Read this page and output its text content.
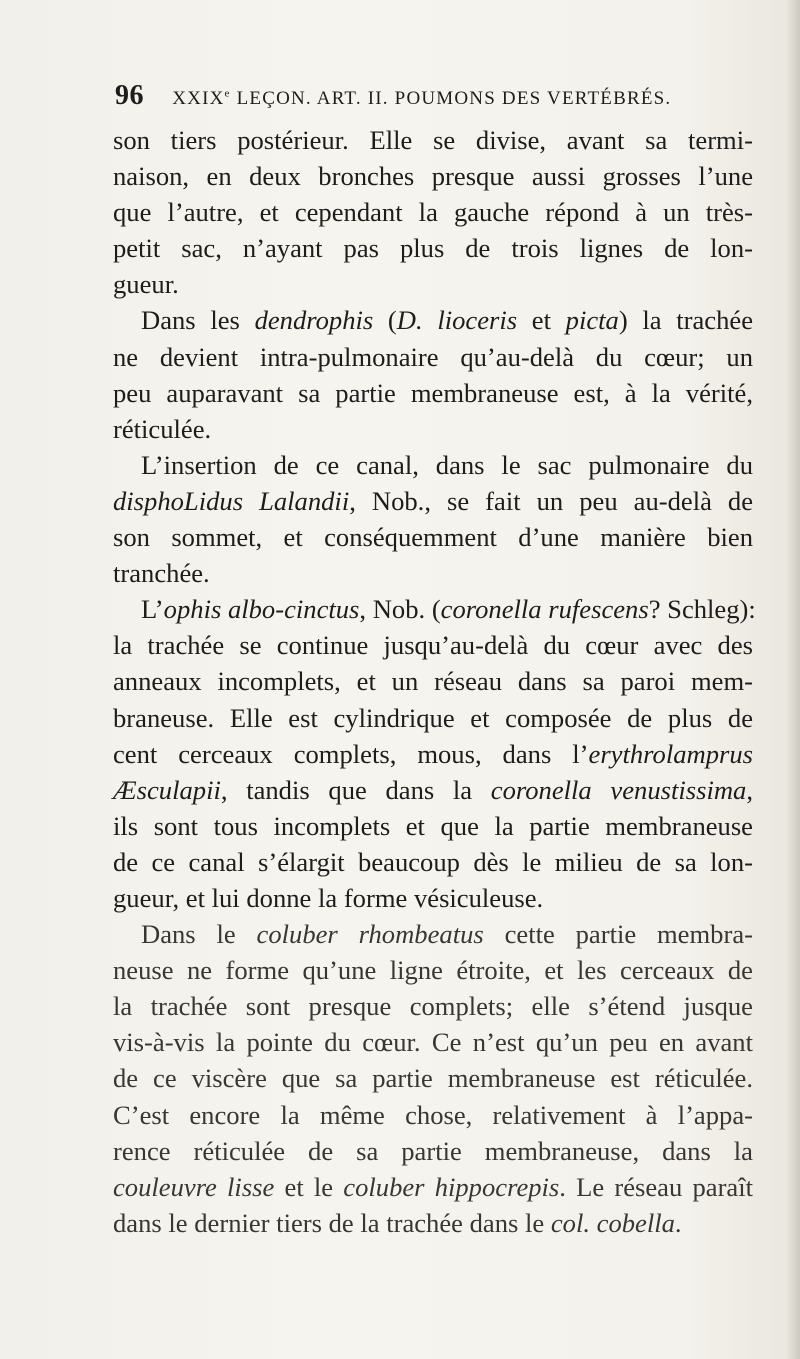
96 XXIXe LEÇON. ART. II. POUMONS DES VERTÉBRÉS.

son tiers postérieur. Elle se divise, avant sa termi-
naison, en deux bronches presque aussi grosses l’une
que l’autre, et cependant la gauche répond à un très-
petit sac, n’ayant pas plus de trois lignes de lon-
gueur.

Dans les dendrophis (D. lioceris et picta) la trachée
ne devient intra-pulmonaire qu’au-delà du cœur; un
peu auparavant sa partie membraneuse est, à la vérité,
réticulée.

L’insertion de ce canal, dans le sac pulmonaire du
disphoLidus Lalandii, Nob., se fait un peu au-delà de
son sommet, et conséquemment d’une manière bien
tranchée.

L’ophis albo-cinctus, Nob. (coronella rufescens? Schleg):
la trachée se continue jusqu’au-delà du cœur avec des
anneaux incomplets, et un réseau dans sa paroi mem-
braneuse. Elle est cylindrique et composée de plus de
cent cerceaux complets, mous, dans l’erythrolamprus
Æsculapii, tandis que dans la coronella venustissima,
ils sont tous incomplets et que la partie membraneuse
de ce canal s’élargit beaucoup dès le milieu de sa lon-
gueur, et lui donne la forme vésiculeuse.

Dans le coluber rhombeatus cette partie membra-
neuse ne forme qu’une ligne étroite, et les cerceaux de
la trachée sont presque complets; elle s’étend jusque
vis-à-vis la pointe du cœur. Ce n’est qu’un peu en avant
de ce viscère que sa partie membraneuse est réticulée.
C’est encore la même chose, relativement à l’appa-
rence réticulée de sa partie membraneuse, dans la
couleuvre lisse et le coluber hippocrepis. Le réseau paraît
dans le dernier tiers de la trachée dans le col. cobella.
